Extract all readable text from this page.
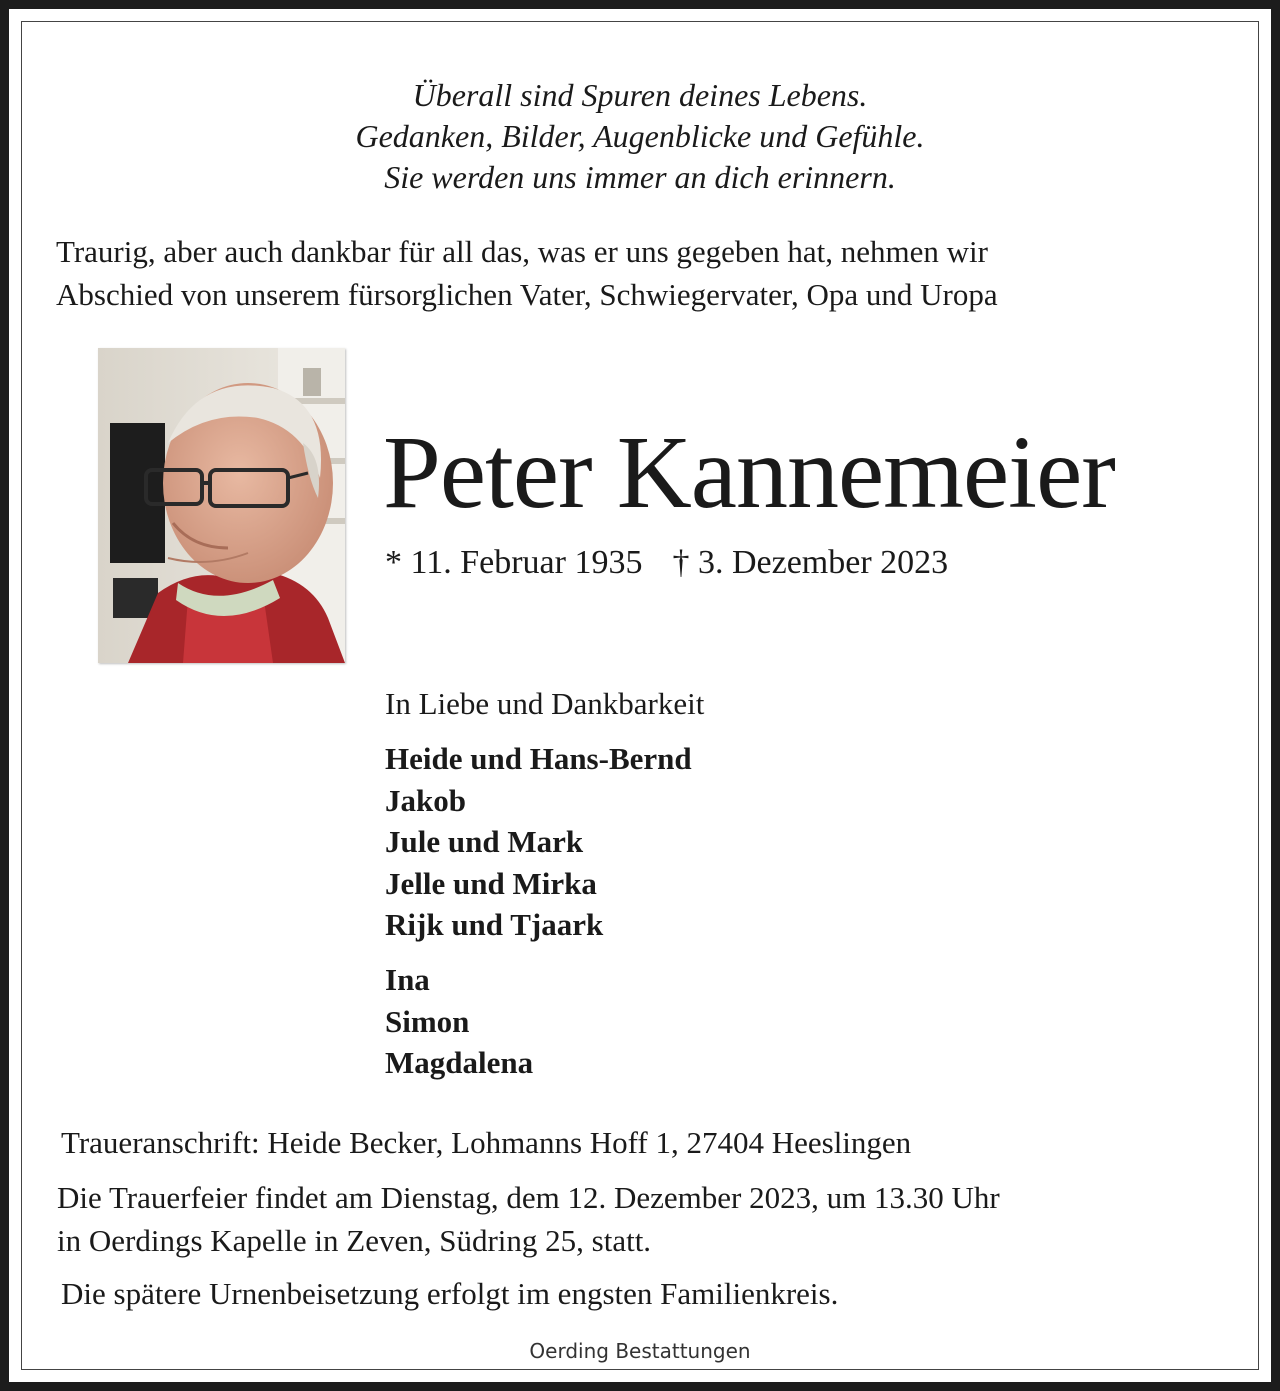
Überall sind Spuren deines Lebens.
Gedanken, Bilder, Augenblicke und Gefühle.
Sie werden uns immer an dich erinnern.
Traurig, aber auch dankbar für all das, was er uns gegeben hat, nehmen wir
Abschied von unserem fürsorglichen Vater, Schwiegervater, Opa und Uropa
Peter Kannemeier
* 11. Februar 1935 † 3. Dezember 2023
In Liebe und Dankbarkeit
Heide und Hans-Bernd
Jakob
Jule und Mark
Jelle und Mirka
Rijk und Tjaark
Ina
Simon
Magdalena
Traueranschrift: Heide Becker, Lohmanns Hoff 1, 27404 Heeslingen
Die Trauerfeier findet am Dienstag, dem 12. Dezember 2023, um 13.30 Uhr
in Oerdings Kapelle in Zeven, Südring 25, statt.
Die spätere Urnenbeisetzung erfolgt im engsten Familienkreis.
Oerding Bestattungen
